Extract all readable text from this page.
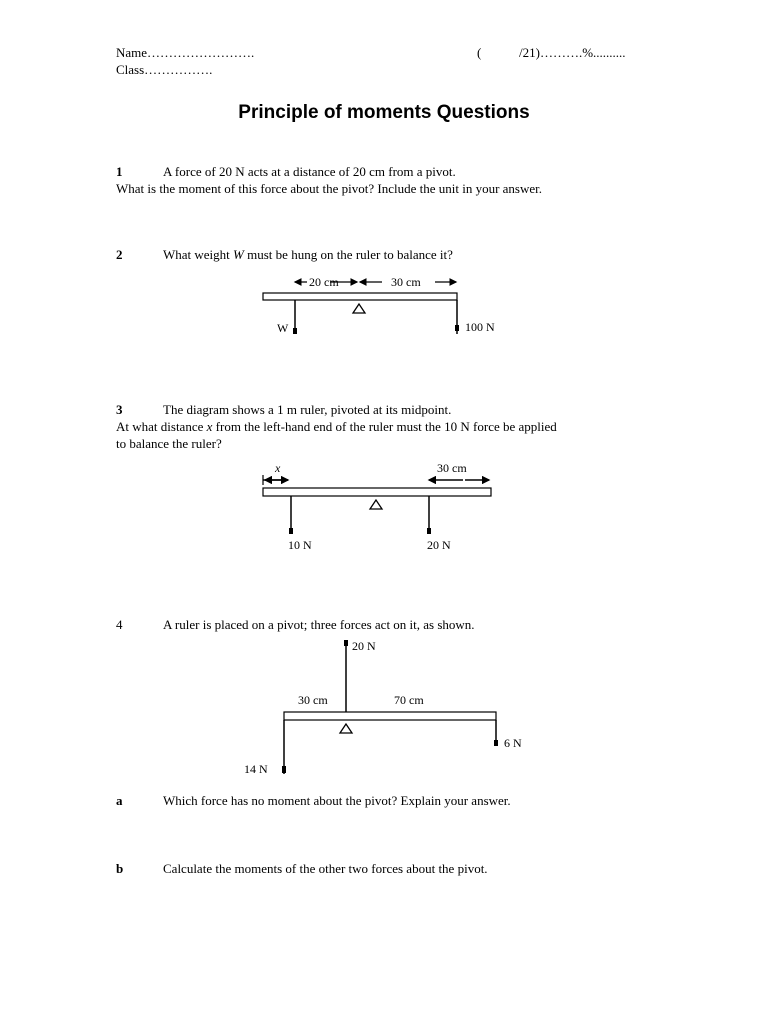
Name…………………….	(	/21)……….%..........
Class…………….
Principle of moments Questions
1	A force of 20 N acts at a distance of 20 cm from a pivot.
What is the moment of this force about the pivot? Include the unit in your answer.
2	What weight W must be hung on the ruler to balance it?
20 cm	30 cm
W	100 N
3	The diagram shows a 1 m ruler, pivoted at its midpoint.
At what distance x from the left-hand end of the ruler must the 10 N force be applied
to balance the ruler?
x	30 cm
10 N	20 N
4	A ruler is placed on a pivot; three forces act on it, as shown.
20 N
30 cm	70 cm
6 N
14 N
a	Which force has no moment about the pivot? Explain your answer.
b	Calculate the moments of the other two forces about the pivot.
